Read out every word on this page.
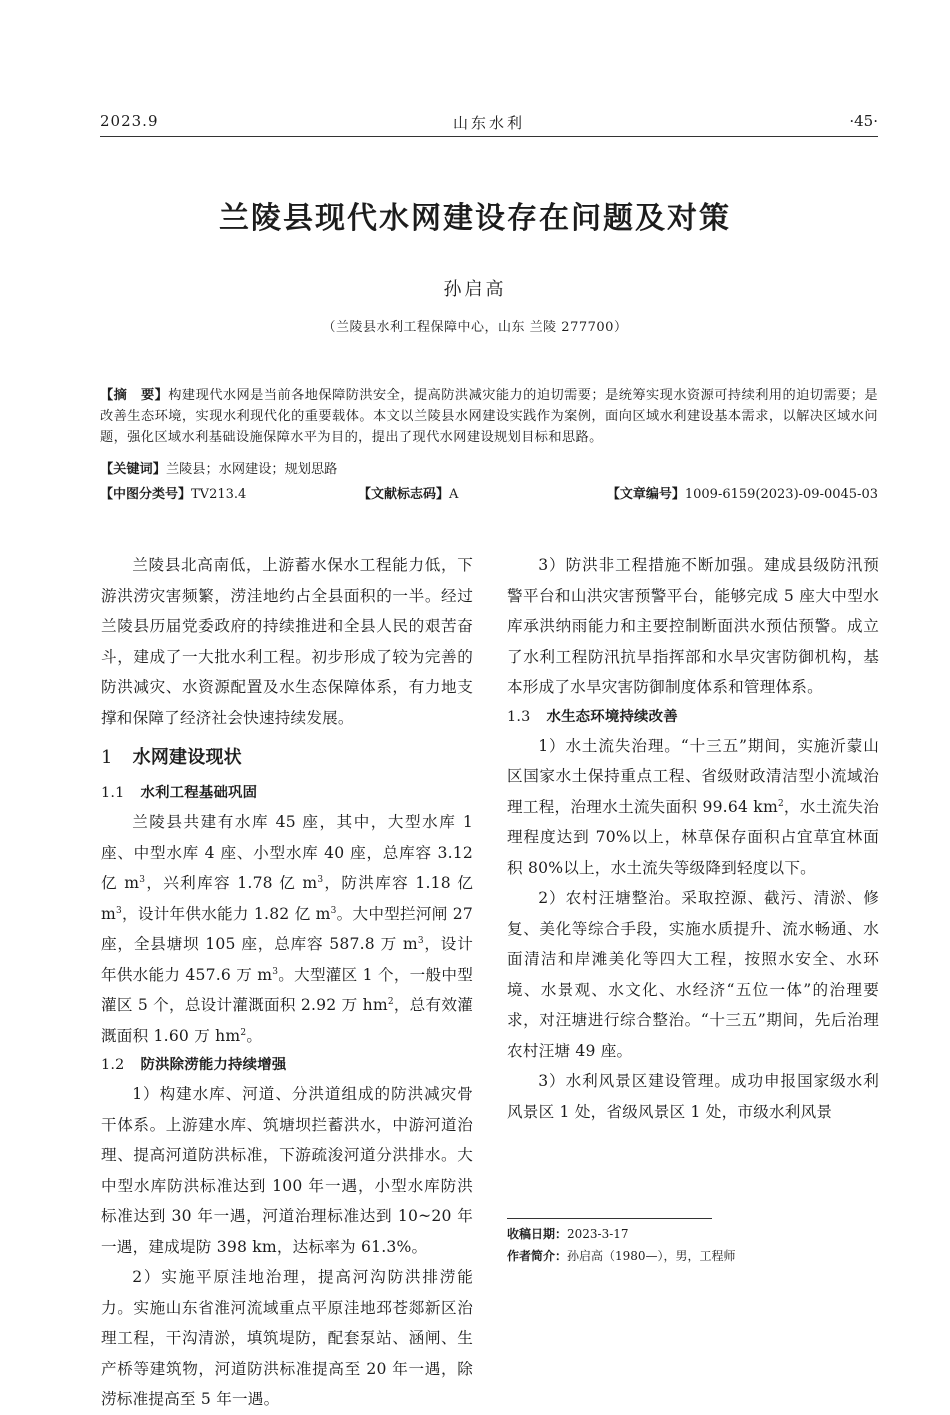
2023.9	山东水利	·45·
兰陵县现代水网建设存在问题及对策
孙启高
（兰陵县水利工程保障中心，山东 兰陵 277700）
【摘　要】构建现代水网是当前各地保障防洪安全，提高防洪减灾能力的迫切需要；是统筹实现水资源可持续利用的迫切需要；是改善生态环境，实现水利现代化的重要载体。本文以兰陵县水网建设实践作为案例，面向区域水利建设基本需求，以解决区域水问题，强化区域水利基础设施保障水平为目的，提出了现代水网建设规划目标和思路。
【关键词】兰陵县；水网建设；规划思路
【中图分类号】TV213.4	【文献标志码】A	【文章编号】1009-6159(2023)-09-0045-03

兰陵县北高南低，上游蓄水保水工程能力低，下游洪涝灾害频繁，涝洼地约占全县面积的一半。经过兰陵县历届党委政府的持续推进和全县人民的艰苦奋斗，建成了一大批水利工程。初步形成了较为完善的防洪减灾、水资源配置及水生态保障体系，有力地支撑和保障了经济社会快速持续发展。

1 水网建设现状
1.1 水利工程基础巩固

兰陵县共建有水库 45 座，其中，大型水库 1 座、中型水库 4 座、小型水库 40 座，总库容 3.12 亿 $m^3$，兴利库容 1.78 亿 $m^3$，防洪库容 1.18 亿 $m^3$，设计年供水能力 1.82 亿 $m^3$。大中型拦河闸 27 座，全县塘坝 105 座，总库容 587.8 万 $m^3$，设计年供水能力 457.6 万 $m^3$。大型灌区 1 个，一般中型灌区 5 个，总设计灌溉面积 2.92 万 $hm^2$，总有效灌溉面积 1.60 万 $hm^2$。

1.2 防洪除涝能力持续增强

1）构建水库、河道、分洪道组成的防洪减灾骨干体系。上游建水库、筑塘坝拦蓄洪水，中游河道治理、提高河道防洪标准，下游疏浚河道分洪排水。大中型水库防洪标准达到 100 年一遇，小型水库防洪标准达到 30 年一遇，河道治理标准达到 10~20 年一遇，建成堤防 398 km，达标率为 61.3%。

2）实施平原洼地治理，提高河沟防洪排涝能力。实施山东省淮河流域重点平原洼地邳苍郯新区治理工程，干沟清淤，填筑堤防，配套泵站、涵闸、生产桥等建筑物，河道防洪标准提高至 20 年一遇，除涝标准提高至 5 年一遇。

3）防洪非工程措施不断加强。建成县级防汛预警平台和山洪灾害预警平台，能够完成 5 座大中型水库承洪纳雨能力和主要控制断面洪水预估预警。成立了水利工程防汛抗旱指挥部和水旱灾害防御机构，基本形成了水旱灾害防御制度体系和管理体系。

1.3 水生态环境持续改善

1）水土流失治理。“十三五”期间，实施沂蒙山区国家水土保持重点工程、省级财政清洁型小流域治理工程，治理水土流失面积 99.64 $km^2$，水土流失治理程度达到 70%以上，林草保存面积占宜草宜林面积 80%以上，水土流失等级降到轻度以下。

2）农村汪塘整治。采取控源、截污、清淤、修复、美化等综合手段，实施水质提升、流水畅通、水面清洁和岸滩美化等四大工程，按照水安全、水环境、水景观、水文化、水经济“五位一体”的治理要求，对汪塘进行综合整治。“十三五”期间，先后治理农村汪塘 49 座。

3）水利风景区建设管理。成功申报国家级水利风景区 1 处，省级风景区 1 处，市级水利风景

收稿日期：2023-3-17
作者简介：孙启高（1980—），男，工程师
